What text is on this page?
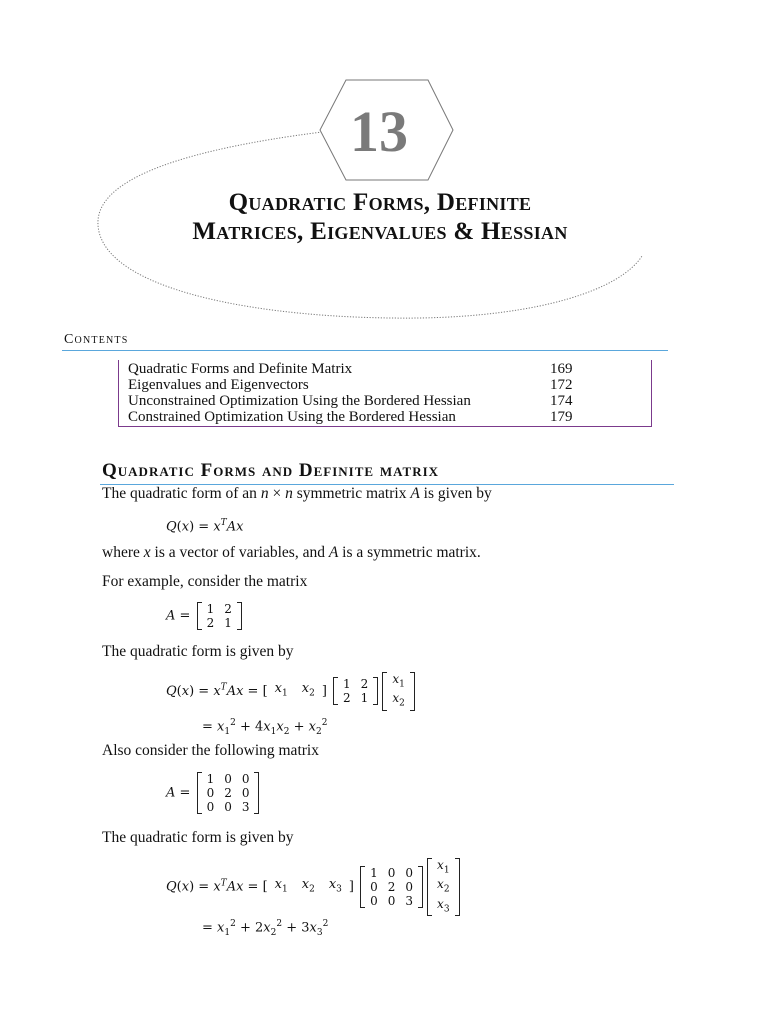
13
Quadratic Forms, Definite
Matrices, Eigenvalues & Hessian
Contents
Quadratic Forms and Definite Matrix	169
Eigenvalues and Eigenvectors	172
Unconstrained Optimization Using the Bordered Hessian	174
Constrained Optimization Using the Bordered Hessian	179
Quadratic Forms and Definite matrix
The quadratic form of an n × n symmetric matrix A is given by
$Q(x) = x^TAx$
where x is a vector of variables, and A is a symmetric matrix.
For example, consider the matrix
A = 1	2
2	1
The quadratic form is given by
$Q(x) = x^TAx$ = [ $x_1$ $x_2$ ] 1	2
2	1
$x_1$
$x_2$
= $x_1^2 + 4x_1x_2 + x_2^2$
Also consider the following matrix
A =
1	0	0
0	2	0
0	0	3
The quadratic form is given by
$Q(x) = x^TAx$ = [ $x_1$ $x_2$ $x_3$ ]
1	0	0
0	2	0
0	0	3
$x_1$
$x_2$
$x_3$
= $x_1^2 + 2x_2^2 + 3x_3^2$
